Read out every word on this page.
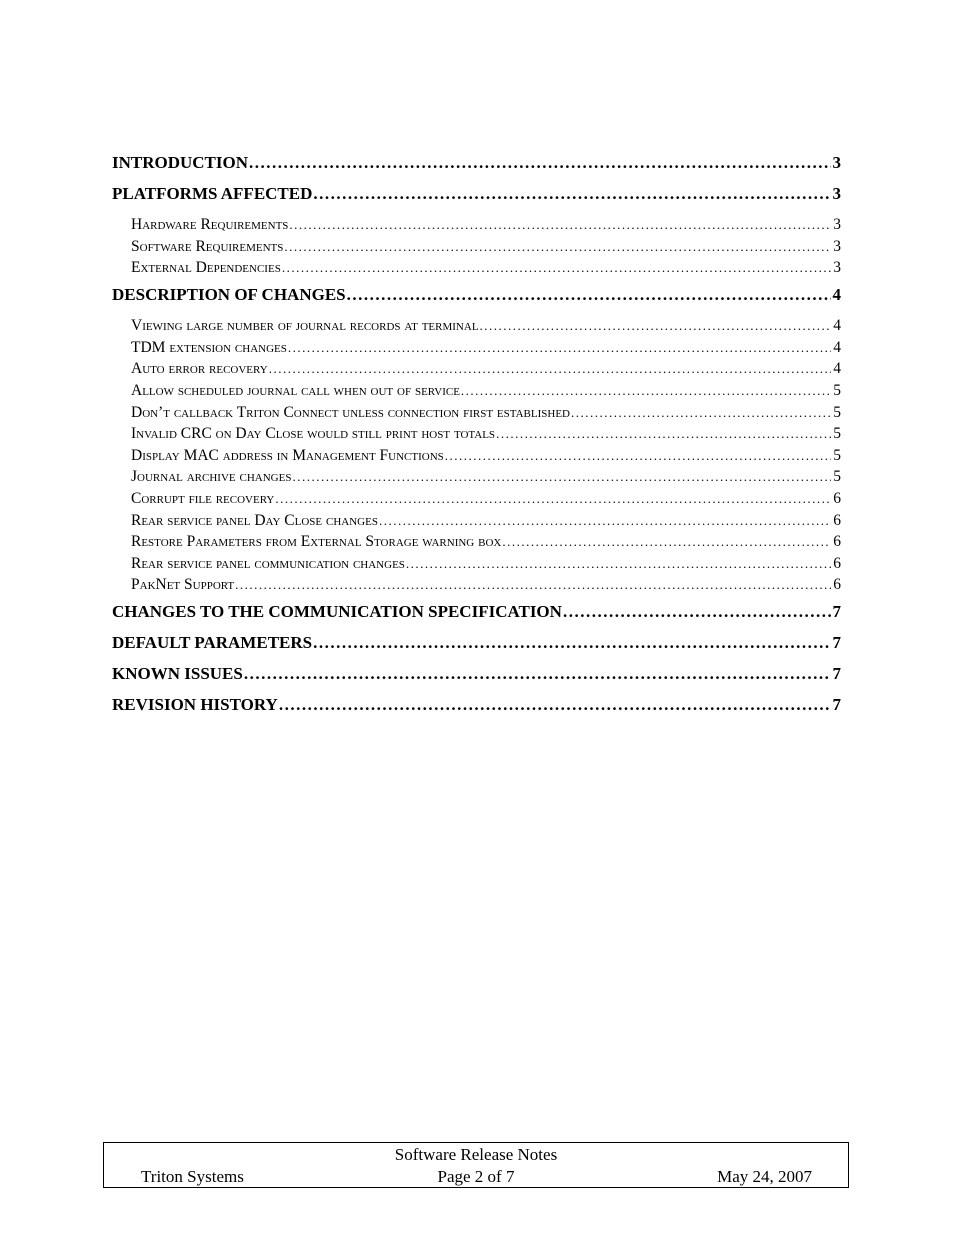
INTRODUCTION .....	3
PLATFORMS AFFECTED .....	3
Hardware Requirements .....	3
Software Requirements .....	3
External Dependencies .....	3
DESCRIPTION OF CHANGES .....	4
Viewing large number of journal records at terminal .....	4
TDM extension changes .....	4
Auto error recovery .....	4
Allow scheduled journal call when out of service .....	5
Don’t callback Triton Connect unless connection first established .....	5
Invalid CRC on Day Close would still print host totals .....	5
Display MAC address in Management Functions .....	5
Journal archive changes .....	5
Corrupt file recovery .....	6
Rear service panel Day Close changes .....	6
Restore Parameters from External Storage warning box .....	6
Rear service panel communication changes .....	6
PakNet Support .....	6
CHANGES TO THE COMMUNICATION SPECIFICATION .....	7
DEFAULT PARAMETERS .....	7
KNOWN ISSUES .....	7
REVISION HISTORY .....	7
Software Release Notes
Triton Systems	Page 2 of 7	May 24, 2007
